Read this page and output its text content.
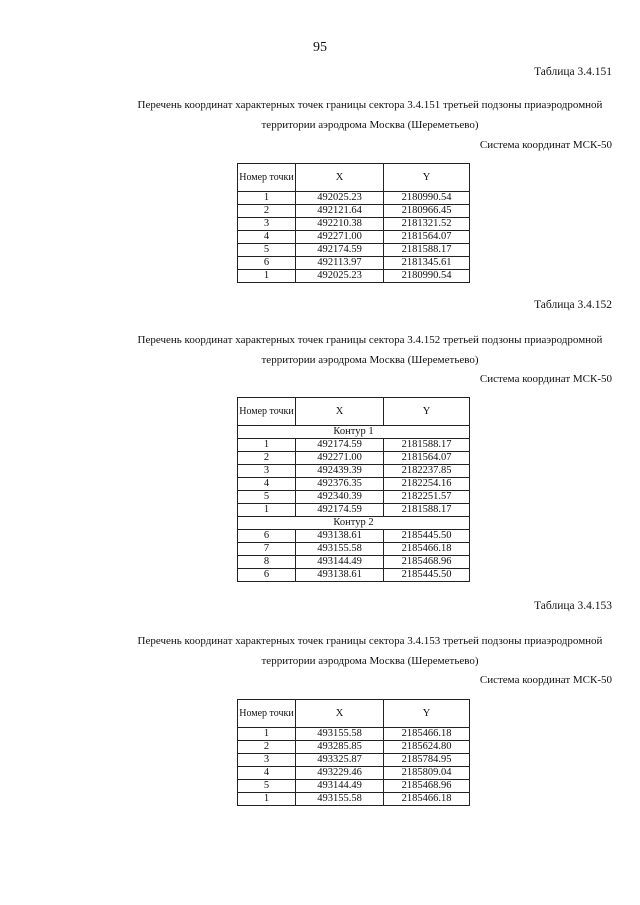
95
Таблица 3.4.151
Перечень координат характерных точек границы сектора 3.4.151 третьей подзоны приаэродромной
территории аэродрома Москва (Шереметьево)
Система координат МСК-50
Номер точки	X	Y
1	492025.23	2180990.54
2	492121.64	2180966.45
3	492210.38	2181321.52
4	492271.00	2181564.07
5	492174.59	2181588.17
6	492113.97	2181345.61
1	492025.23	2180990.54
Таблица 3.4.152
Перечень координат характерных точек границы сектора 3.4.152 третьей подзоны приаэродромной
территории аэродрома Москва (Шереметьево)
Система координат МСК-50
Номер точки	X	Y
Контур 1		
1	492174.59	2181588.17
2	492271.00	2181564.07
3	492439.39	2182237.85
4	492376.35	2182254.16
5	492340.39	2182251.57
1	492174.59	2181588.17
Контур 2		
6	493138.61	2185445.50
7	493155.58	2185466.18
8	493144.49	2185468.96
6	493138.61	2185445.50
Таблица 3.4.153
Перечень координат характерных точек границы сектора 3.4.153 третьей подзоны приаэродромной
территории аэродрома Москва (Шереметьево)
Система координат МСК-50
Номер точки	X	Y
1	493155.58	2185466.18
2	493285.85	2185624.80
3	493325.87	2185784.95
4	493229.46	2185809.04
5	493144.49	2185468.96
1	493155.58	2185466.18
